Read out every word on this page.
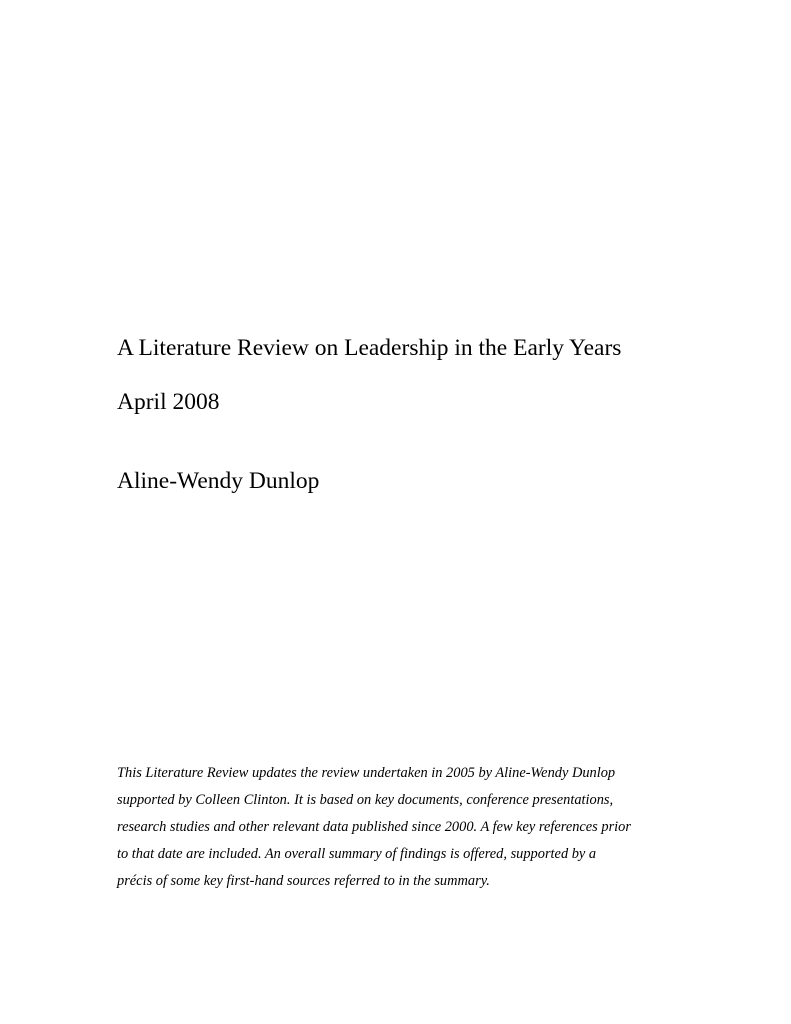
A Literature Review on Leadership in the Early Years

April 2008

Aline-Wendy Dunlop

This Literature Review updates the review undertaken in 2005 by Aline-Wendy Dunlop
supported by Colleen Clinton. It is based on key documents, conference presentations,
research studies and other relevant data published since 2000. A few key references prior
to that date are included. An overall summary of findings is offered, supported by a
précis of some key first-hand sources referred to in the summary.
